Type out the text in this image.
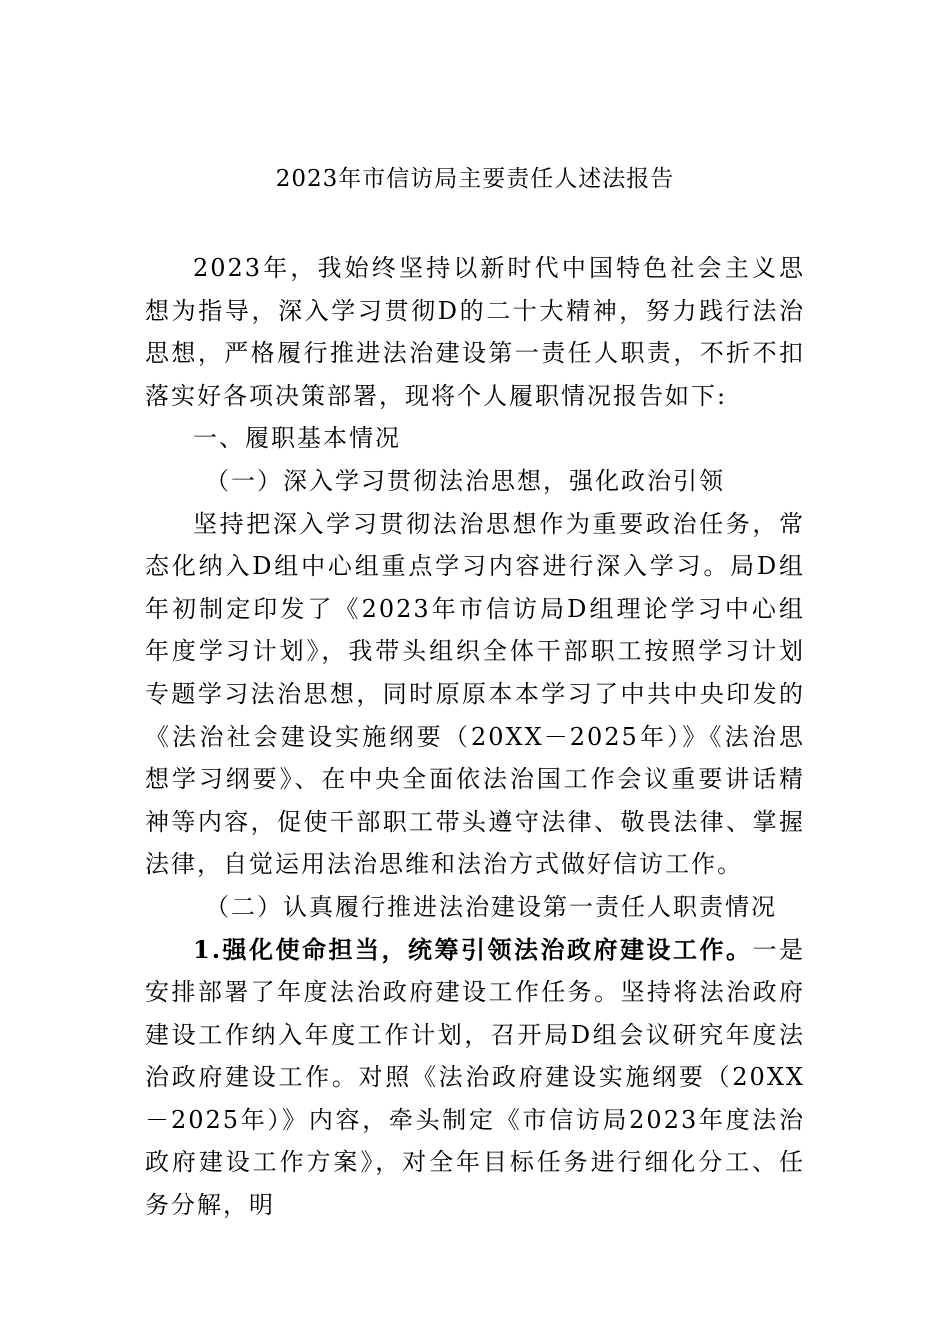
2023年市信访局主要责任人述法报告

2023年，我始终坚持以新时代中国特色社会主义思想为指导，深入学习贯彻D的二十大精神，努力践行法治思想，严格履行推进法治建设第一责任人职责，不折不扣落实好各项决策部署，现将个人履职情况报告如下:

一、履职基本情况

（一）深入学习贯彻法治思想，强化政治引领

坚持把深入学习贯彻法治思想作为重要政治任务，常态化纳入D组中心组重点学习内容进行深入学习。局D组年初制定印发了《2023年市信访局D组理论学习中心组年度学习计划》，我带头组织全体干部职工按照学习计划专题学习法治思想，同时原原本本学习了中共中央印发的《法治社会建设实施纲要（20XX－2025年）》《法治思想学习纲要》、在中央全面依法治国工作会议重要讲话精神等内容，促使干部职工带头遵守法律、敬畏法律、掌握法律，自觉运用法治思维和法治方式做好信访工作。

（二）认真履行推进法治建设第一责任人职责情况

1.强化使命担当，统筹引领法治政府建设工作。一是安排部署了年度法治政府建设工作任务。坚持将法治政府建设工作纳入年度工作计划，召开局D组会议研究年度法治政府建设工作。对照《法治政府建设实施纲要（20XX－2025年）》内容，牵头制定《市信访局2023年度法治政府建设工作方案》，对全年目标任务进行细化分工、任务分解，明
